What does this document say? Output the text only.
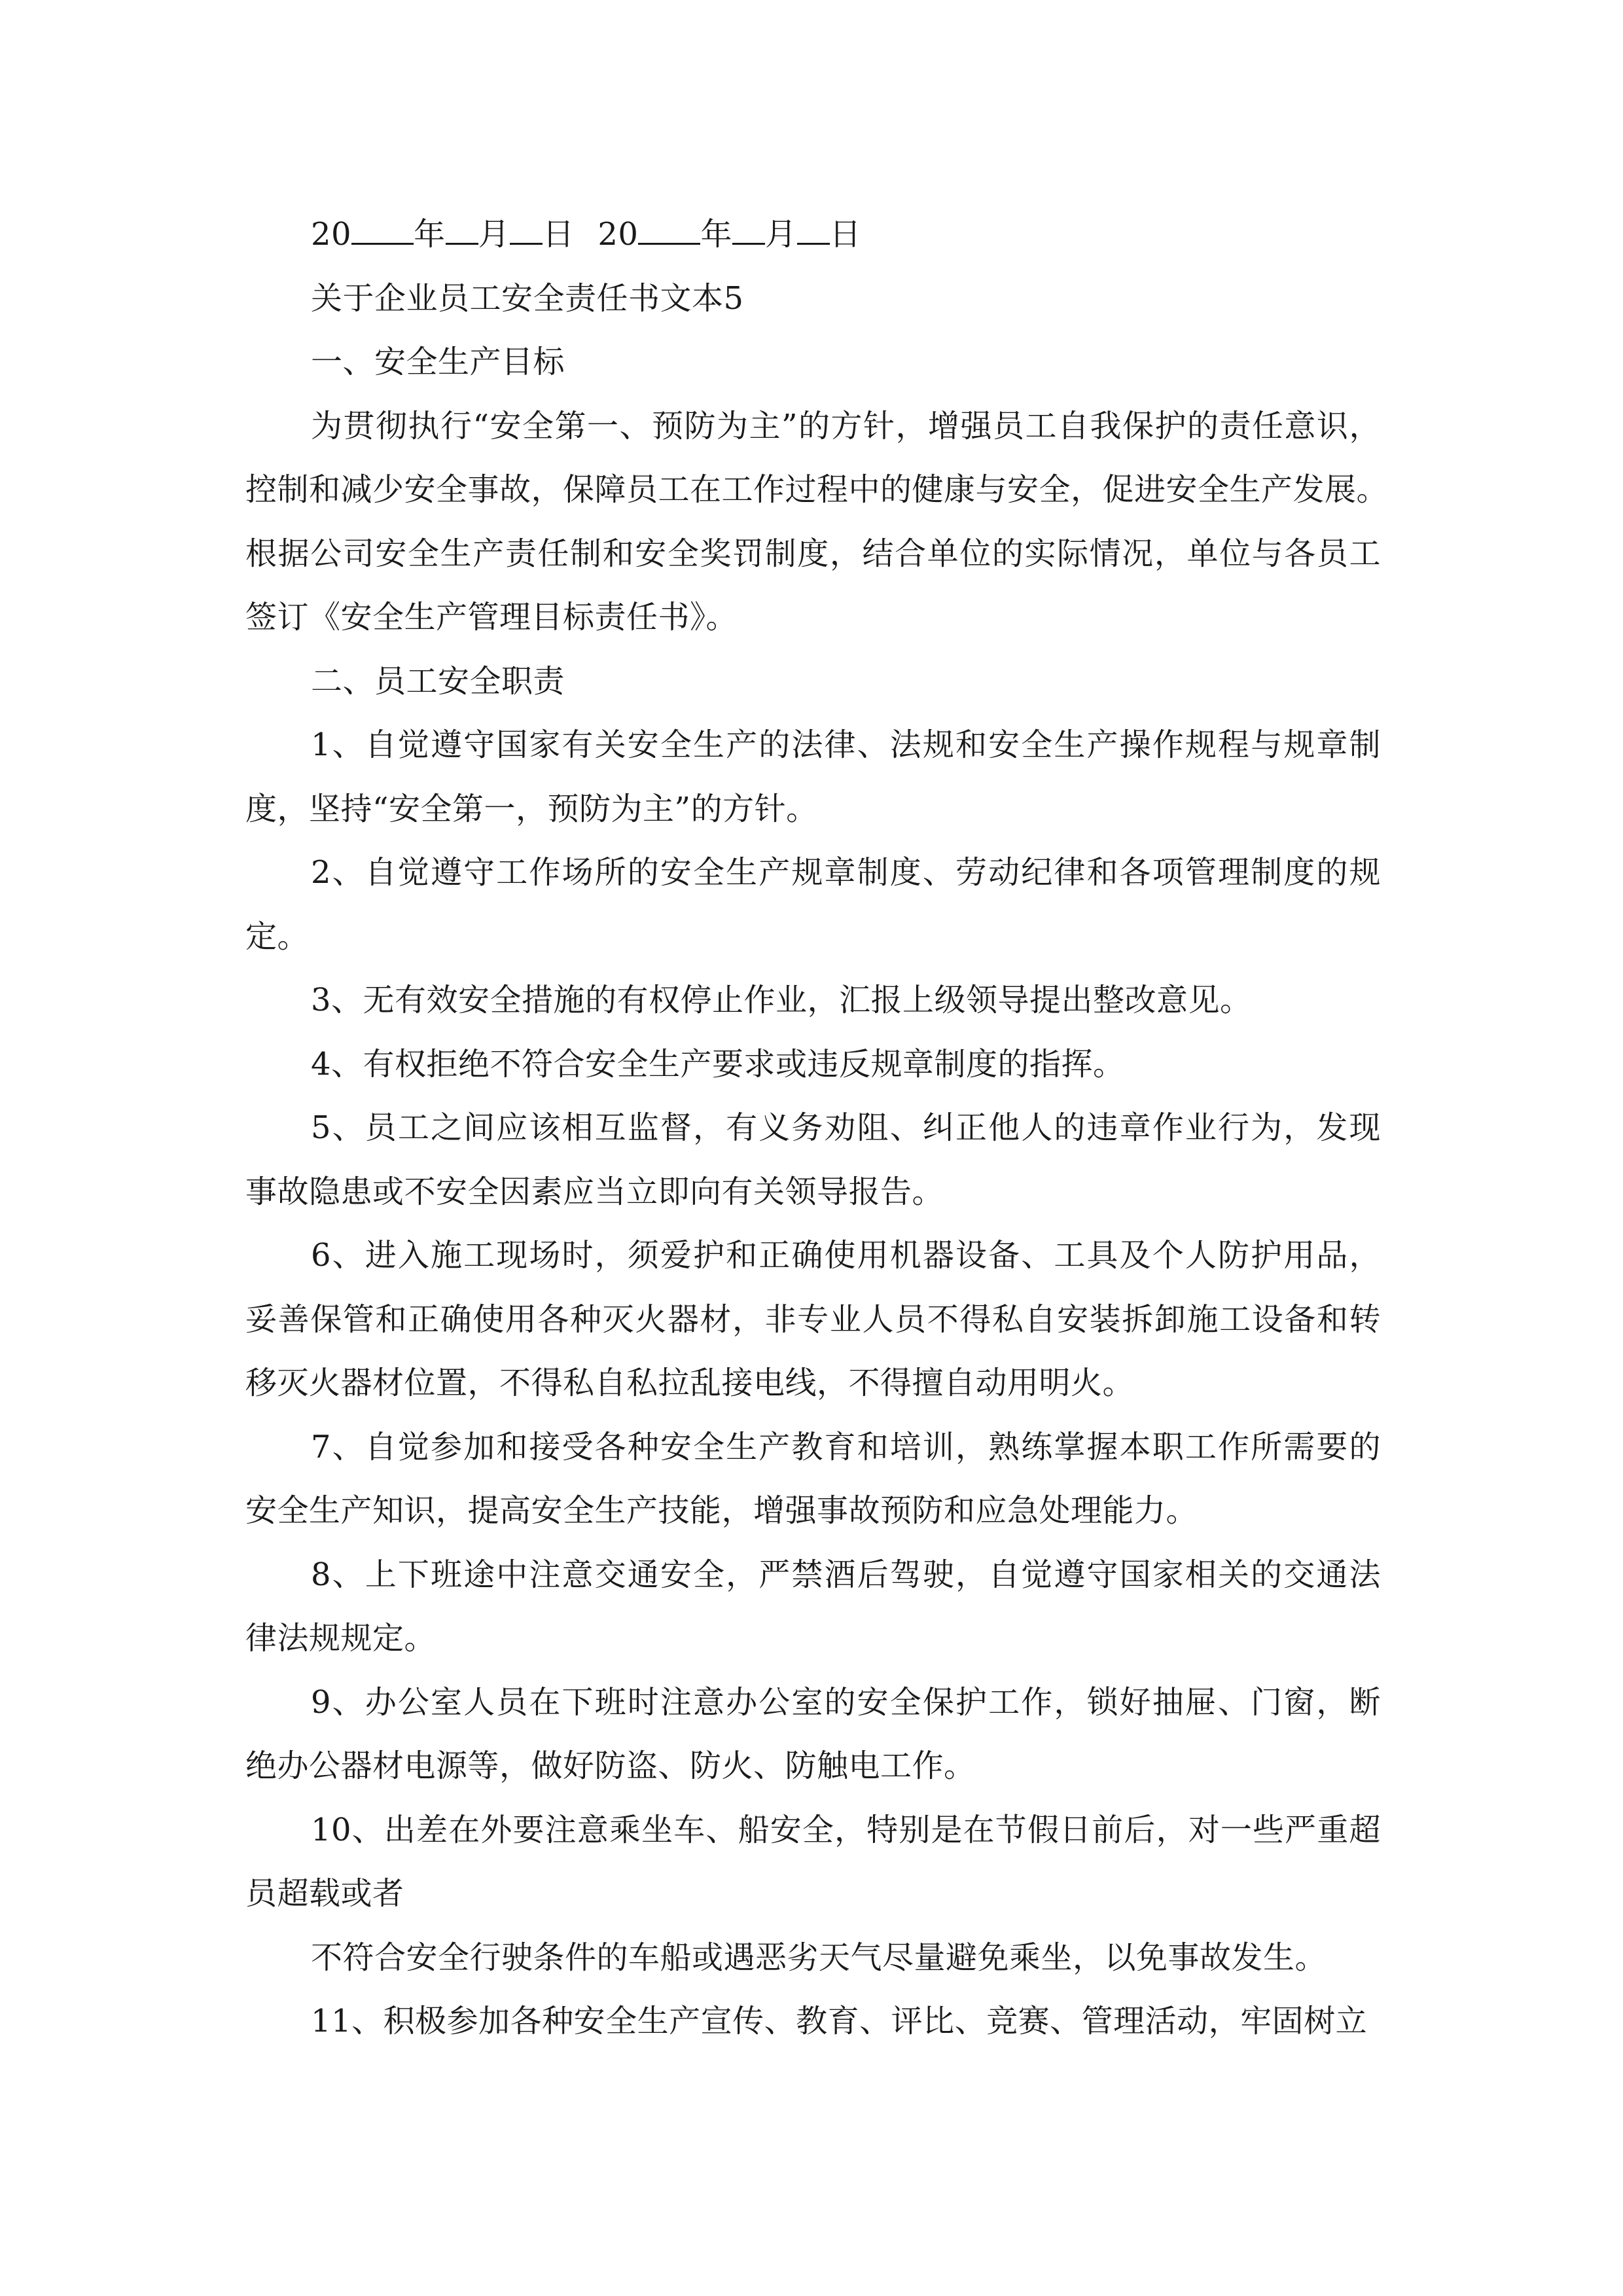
20 年 月 日 20 年 月 日
关于企业员工安全责任书文本5
一、安全生产目标
为贯彻执行“安全第一、预防为主”的方针，增强员工自我保护的责任意识，
控制和减少安全事故，保障员工在工作过程中的健康与安全，促进安全生产发展。
根据公司安全生产责任制和安全奖罚制度，结合单位的实际情况，单位与各员工
签订《安全生产管理目标责任书》。
二、员工安全职责
1、自觉遵守国家有关安全生产的法律、法规和安全生产操作规程与规章制
度，坚持“安全第一，预防为主”的方针。
2、自觉遵守工作场所的安全生产规章制度、劳动纪律和各项管理制度的规
定。
3、无有效安全措施的有权停止作业，汇报上级领导提出整改意见。
4、有权拒绝不符合安全生产要求或违反规章制度的指挥。
5、员工之间应该相互监督，有义务劝阻、纠正他人的违章作业行为，发现
事故隐患或不安全因素应当立即向有关领导报告。
6、进入施工现场时，须爱护和正确使用机器设备、工具及个人防护用品，
妥善保管和正确使用各种灭火器材，非专业人员不得私自安装拆卸施工设备和转
移灭火器材位置，不得私自私拉乱接电线，不得擅自动用明火。
7、自觉参加和接受各种安全生产教育和培训，熟练掌握本职工作所需要的
安全生产知识，提高安全生产技能，增强事故预防和应急处理能力。
8、上下班途中注意交通安全，严禁酒后驾驶，自觉遵守国家相关的交通法
律法规规定。
9、办公室人员在下班时注意办公室的安全保护工作，锁好抽屉、门窗，断
绝办公器材电源等，做好防盗、防火、防触电工作。
10、出差在外要注意乘坐车、船安全，特别是在节假日前后，对一些严重超
员超载或者
不符合安全行驶条件的车船或遇恶劣天气尽量避免乘坐，以免事故发生。
11、积极参加各种安全生产宣传、教育、评比、竞赛、管理活动，牢固树立
